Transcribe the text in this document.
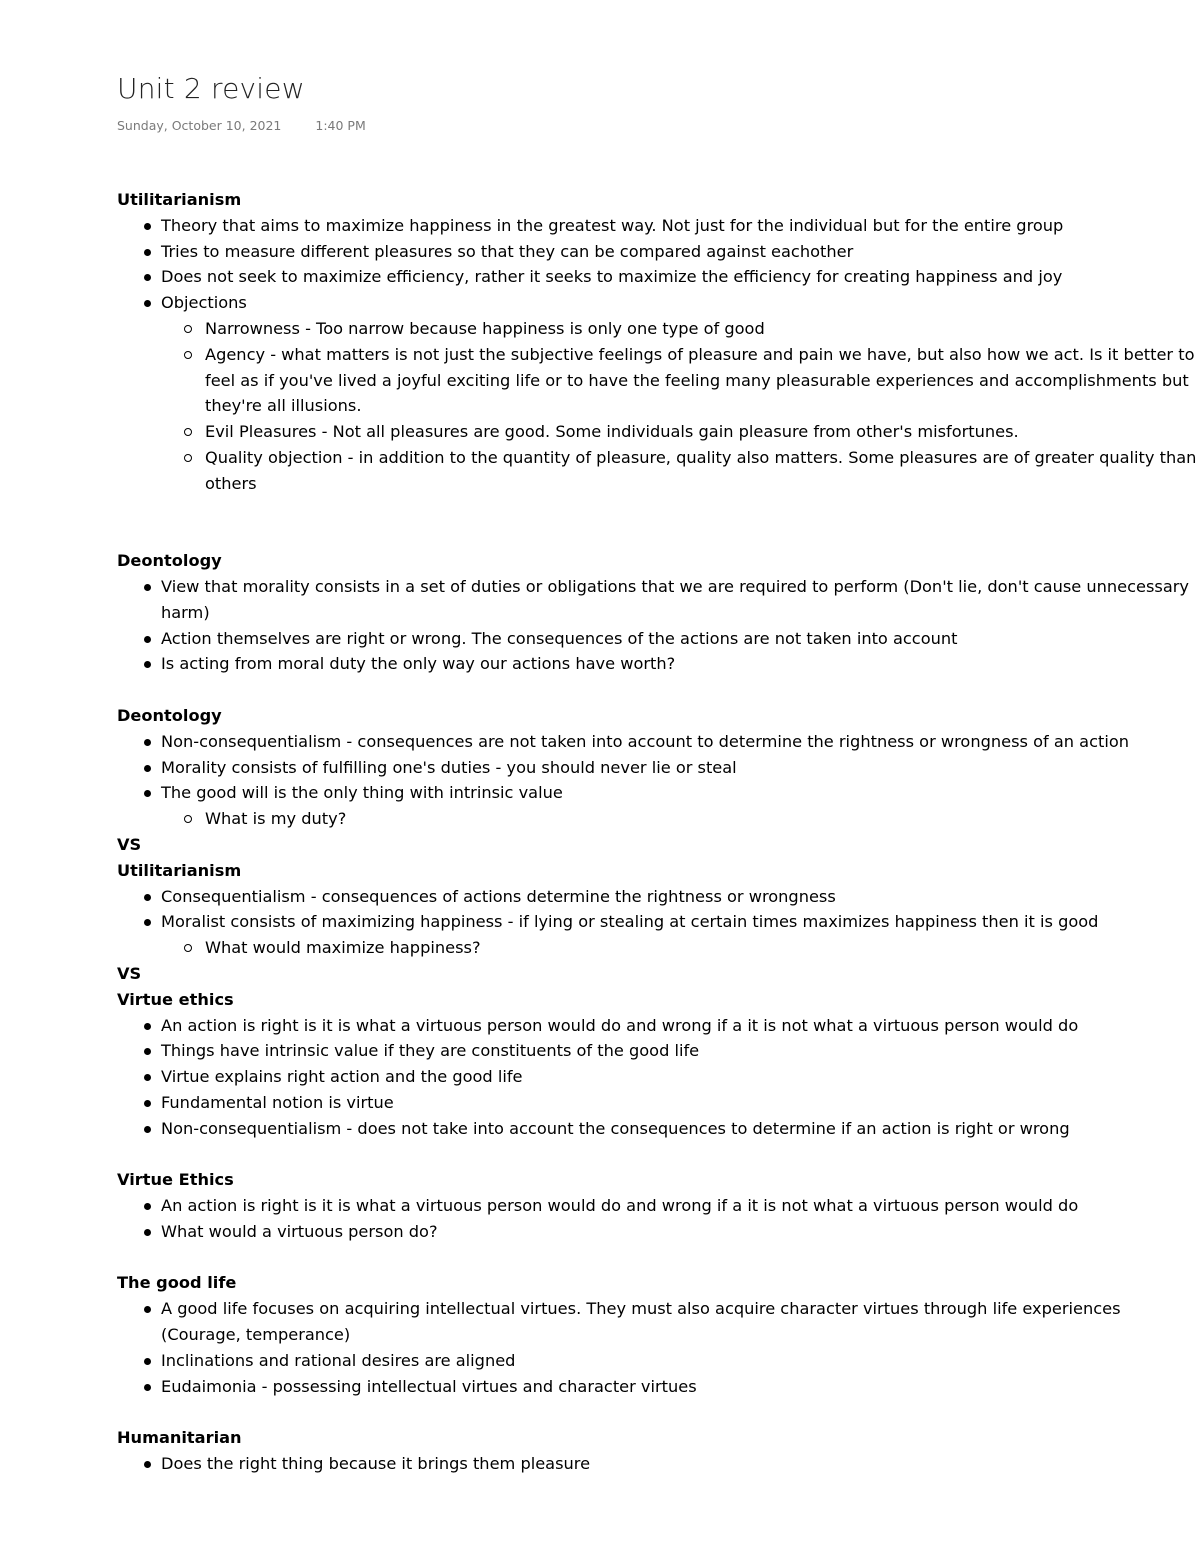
Unit 2 review
Sunday, October 10, 2021	1:40 PM

Utilitarianism

Theory that aims to maximize happiness in the greatest way. Not just for the individual but for the entire group
Tries to measure different pleasures so that they can be compared against eachother
Does not seek to maximize efficiency, rather it seeks to maximize the efficiency for creating happiness and joy
Objections
Narrowness - Too narrow because happiness is only one type of good
Agency - what matters is not just the subjective feelings of pleasure and pain we have, but also how we act. Is it better to feel as if you've lived a joyful exciting life or to have the feeling many pleasurable experiences and accomplishments but they're all illusions.
Evil Pleasures - Not all pleasures are good. Some individuals gain pleasure from other's misfortunes.
Quality objection - in addition to the quantity of pleasure, quality also matters. Some pleasures are of greater quality than others

Deontology

View that morality consists in a set of duties or obligations that we are required to perform (Don't lie, don't cause unnecessary harm)
Action themselves are right or wrong. The consequences of the actions are not taken into account
Is acting from moral duty the only way our actions have worth?

Deontology

Non-consequentialism - consequences are not taken into account to determine the rightness or wrongness of an action
Morality consists of fulfilling one's duties - you should never lie or steal
The good will is the only thing with intrinsic value
What is my duty?

VS

Utilitarianism

Consequentialism - consequences of actions determine the rightness or wrongness
Moralist consists of maximizing happiness - if lying or stealing at certain times maximizes happiness then it is good
What would maximize happiness?

VS

Virtue ethics

An action is right is it is what a virtuous person would do and wrong if a it is not what a virtuous person would do
Things have intrinsic value if they are constituents of the good life
Virtue explains right action and the good life
Fundamental notion is virtue
Non-consequentialism - does not take into account the consequences to determine if an action is right or wrong

Virtue Ethics

An action is right is it is what a virtuous person would do and wrong if a it is not what a virtuous person would do
What would a virtuous person do?

The good life

A good life focuses on acquiring intellectual virtues. They must also acquire character virtues through life experiences (Courage, temperance)
Inclinations and rational desires are aligned
Eudaimonia - possessing intellectual virtues and character virtues

Humanitarian

Does the right thing because it brings them pleasure
